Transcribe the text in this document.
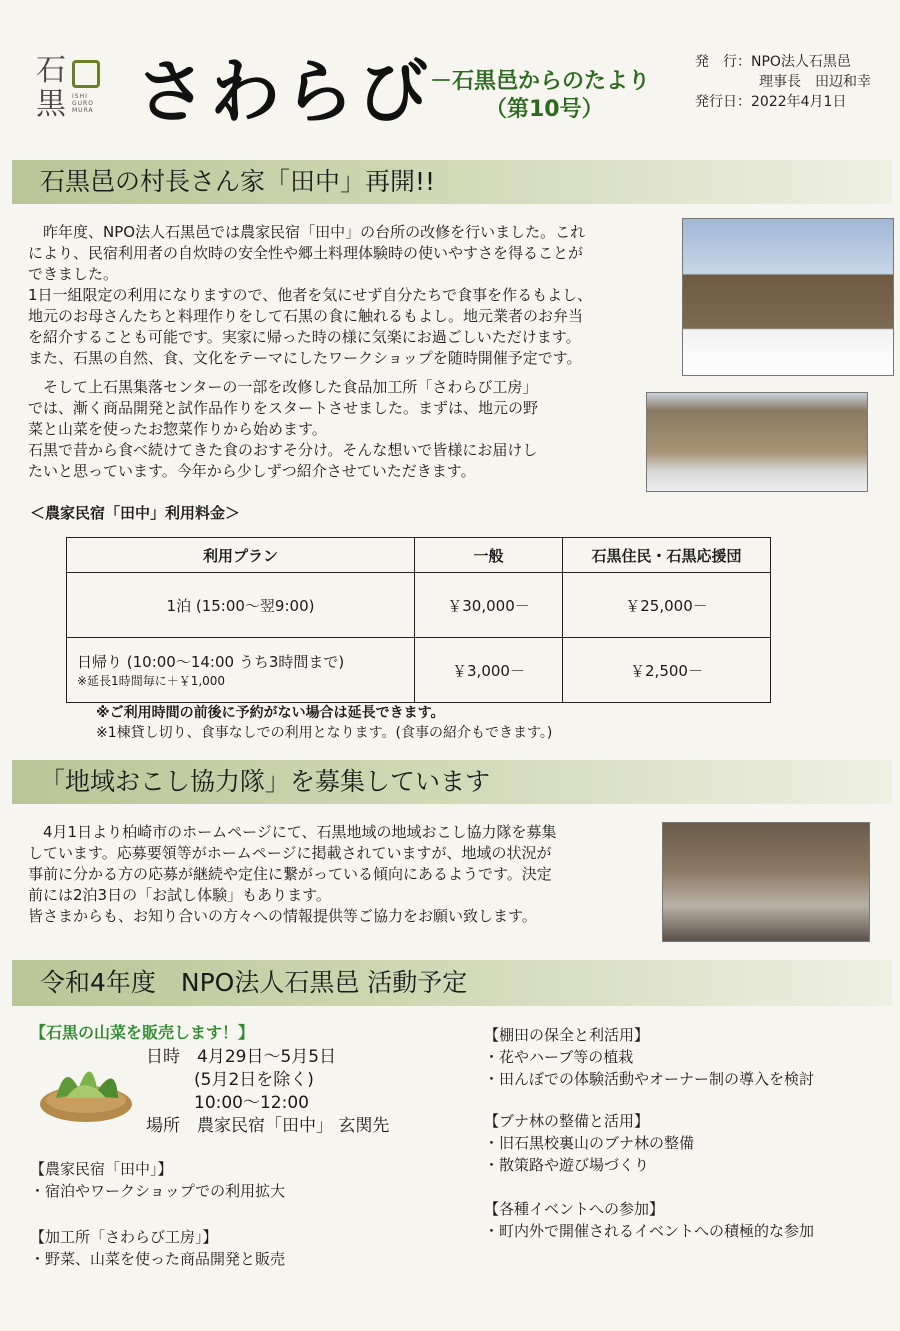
石
黒 ISHI
GURO
MURA さわらび
－石黒邑からのたより
（第10号）
発　行：NPO法人石黒邑
理事長　田辺和幸
発行日：2022年4月1日
石黒邑の村長さん家「田中」再開!!

昨年度、NPO法人石黒邑では農家民宿「田中」の台所の改修を行いました。これ

により、民宿利用者の自炊時の安全性や郷土料理体験時の使いやすさを得ることが

できました。

1日一組限定の利用になりますので、他者を気にせず自分たちで食事を作るもよし、

地元のお母さんたちと料理作りをして石黒の食に触れるもよし。地元業者のお弁当

を紹介することも可能です。実家に帰った時の様に気楽にお過ごしいただけます。

また、石黒の自然、食、文化をテーマにしたワークショップを随時開催予定です。

そして上石黒集落センターの一部を改修した食品加工所「さわらび工房」

では、漸く商品開発と試作品作りをスタートさせました。まずは、地元の野

菜と山菜を使ったお惣菜作りから始めます。

石黒で昔から食べ続けてきた食のおすそ分け。そんな想いで皆様にお届けし

たいと思っています。今年から少しずつ紹介させていただきます。

＜農家民宿「田中」利用料金＞
利用プラン	一般	石黒住民・石黒応援団
1泊 (15:00～翌9:00)	￥30,000－	￥25,000－

日帰り (10:00～14:00 うち3時間まで)
※延長1時間毎に＋￥1,000	￥3,000－	￥2,500－
※ご利用時間の前後に予約がない場合は延長できます。
※1棟貸し切り、食事なしでの利用となります。(食事の紹介もできます。)
「地域おこし協力隊」を募集しています

4月1日より柏崎市のホームページにて、石黒地域の地域おこし協力隊を募集

しています。応募要領等がホームページに掲載されていますが、地域の状況が

事前に分かる方の応募が継続や定住に繋がっている傾向にあるようです。決定

前には2泊3日の「お試し体験」もあります。

皆さまからも、お知り合いの方々への情報提供等ご協力をお願い致します。

令和4年度　NPO法人石黒邑 活動予定
【石黒の山菜を販売します！】
日時　4月29日～5月5日
(5月2日を除く)
10:00～12:00
場所　農家民宿「田中」 玄関先
【農家民宿「田中」】
・宿泊やワークショップでの利用拡大
【加工所「さわらび工房」】
・野菜、山菜を使った商品開発と販売
【棚田の保全と利活用】
・花やハーブ等の植栽
・田んぼでの体験活動やオーナー制の導入を検討
【ブナ林の整備と活用】
・旧石黒校裏山のブナ林の整備
・散策路や遊び場づくり
【各種イベントへの参加】
・町内外で開催されるイベントへの積極的な参加
